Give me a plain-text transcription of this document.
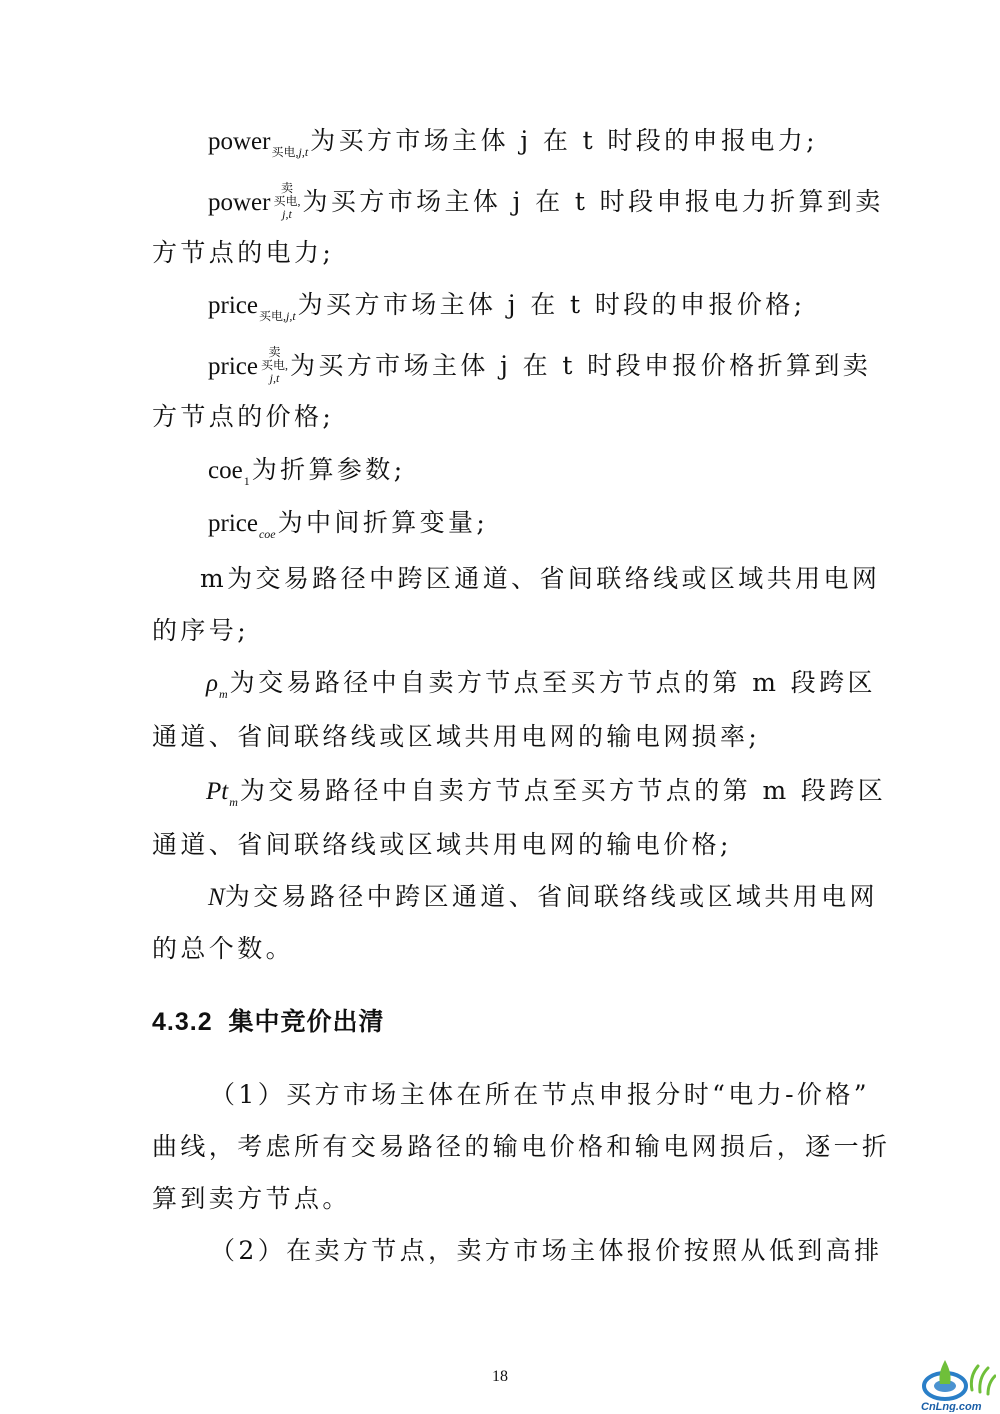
power买电,j,t为买方市场主体 j 在 t 时段的申报电力;
power
卖
买电,
j,t 为买方市场主体 j 在 t 时段申报电力折算到卖
方节点的电力;
price买电,j,t为买方市场主体 j 在 t 时段的申报价格;
price
卖
买电,
j,t 为买方市场主体 j 在 t 时段申报价格折算到卖
方节点的价格;
coe1为折算参数;
pricecoe为中间折算变量;
m为交易路径中跨区通道、省间联络线或区域共用电网
的序号;
ρm为交易路径中自卖方节点至买方节点的第 m 段跨区
通道、省间联络线或区域共用电网的输电网损率;
Ptm为交易路径中自卖方节点至买方节点的第 m 段跨区
通道、省间联络线或区域共用电网的输电价格;
N为交易路径中跨区通道、省间联络线或区域共用电网
的总个数。
4.3.2 集中竞价出清
（1）买方市场主体在所在节点申报分时“电力-价格”
曲线，考虑所有交易路径的输电价格和输电网损后，逐一折
算到卖方节点。
（2）在卖方节点，卖方市场主体报价按照从低到高排
18
CnLng.com
